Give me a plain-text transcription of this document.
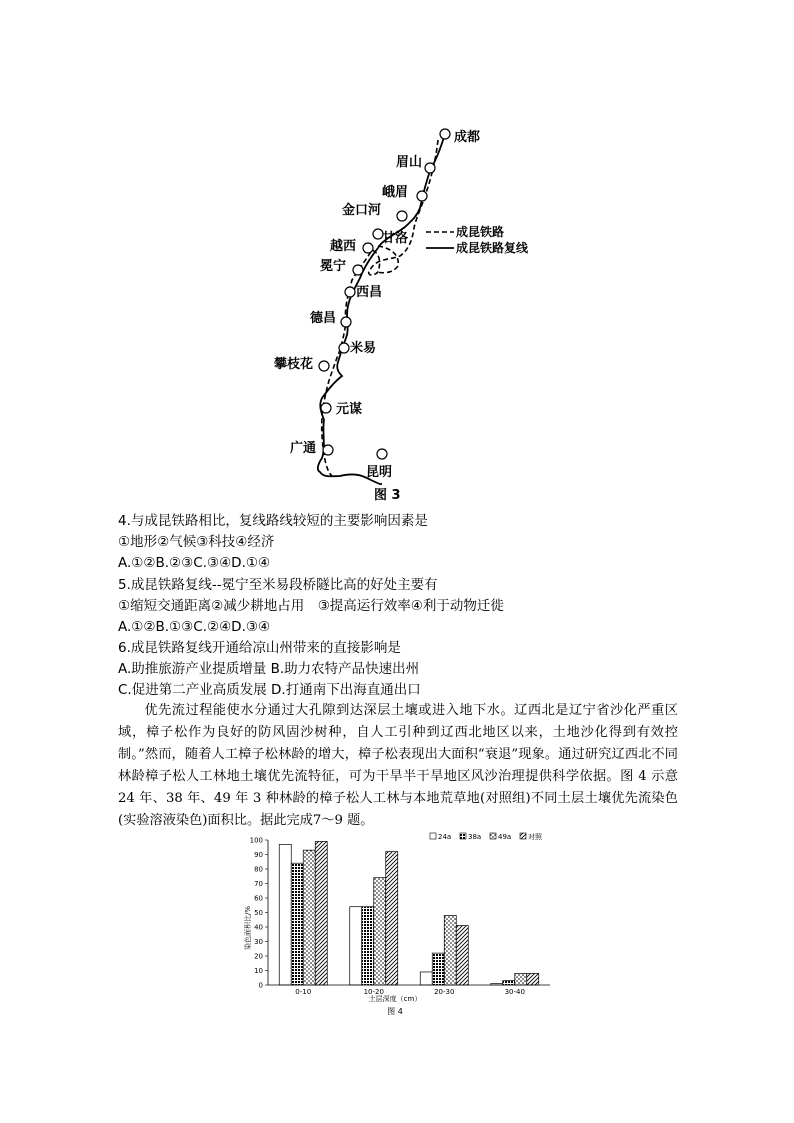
成都
眉山
峨眉
金口河
甘洛
越西
冕宁
西昌
德昌
米易
攀枝花
元谋
广通
昆明
成昆铁路
成昆铁路复线
图 3
4.与成昆铁路相比，复线路线较短的主要影响因素是
①地形②气候③科技④经济
A.①②B.②③C.③④D.①④
5.成昆铁路复线--冕宁至米易段桥隧比高的好处主要有
①缩短交通距离②减少耕地占用　③提高运行效率④利于动物迁徙
A.①②B.①③C.②④D.③④
6.成昆铁路复线开通给凉山州带来的直接影响是
A.助推旅游产业提质增量 B.助力农特产品快速出州
C.促进第二产业高质发展 D.打通南下出海直通出口

优先流过程能使水分通过大孔隙到达深层土壤或进入地下水。辽西北是辽宁省沙化严重区域，樟子松作为良好的防风固沙树种，自人工引种到辽西北地区以来，土地沙化得到有效控制。”然而，随着人工樟子松林龄的增大，樟子松表现出大面积“衰退”现象。通过研究辽西北不同林龄樟子松人工林地土壤优先流特征，可为干旱半干旱地区风沙治理提供科学依据。图 4 示意 24 年、38 年、49 年 3 种林龄的樟子松人工林与本地荒草地(对照组)不同土层土壤优先流染色(实验溶液染色)面积比。据此完成7～9 题。

0
10
20
30
40
50
60
70
80
90
100
0-10	10-20	20-30	30-40
24a 38a 49a 对照
染色面积比/%
土层深度（cm）
图 4
